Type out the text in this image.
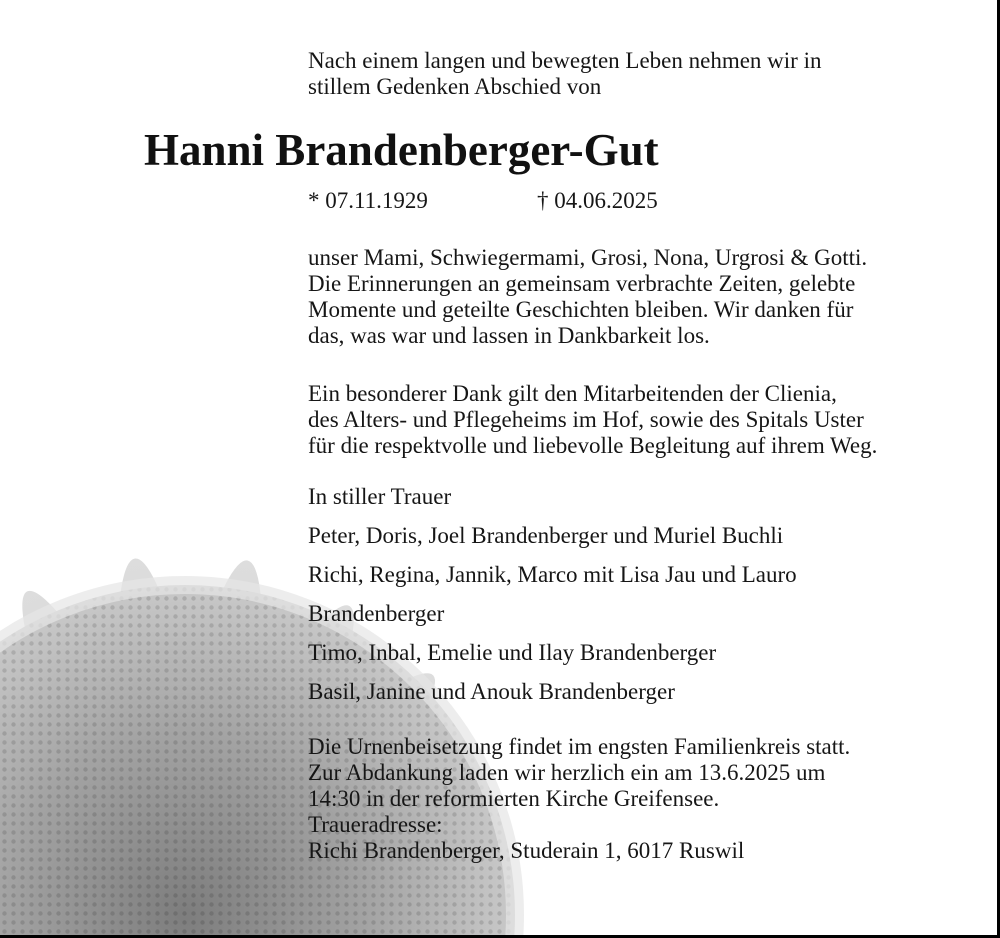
Nach einem langen und bewegten Leben nehmen wir in
stillem Gedenken Abschied von

Hanni Brandenberger-Gut
* 07.11.1929	† 04.06.2025

unser Mami, Schwiegermami, Grosi, Nona, Urgrosi & Gotti.
Die Erinnerungen an gemeinsam verbrachte Zeiten, gelebte
Momente und geteilte Geschichten bleiben. Wir danken für
das, was war und lassen in Dankbarkeit los.

Ein besonderer Dank gilt den Mitarbeitenden der Clienia,
des Alters- und Pflegeheims im Hof, sowie des Spitals Uster
für die respektvolle und liebevolle Begleitung auf ihrem Weg.

In stiller Trauer
Peter, Doris, Joel Brandenberger und Muriel Buchli
Richi, Regina, Jannik, Marco mit Lisa Jau und Lauro
Brandenberger
Timo, Inbal, Emelie und Ilay Brandenberger
Basil, Janine und Anouk Brandenberger

Die Urnenbeisetzung findet im engsten Familienkreis statt.
Zur Abdankung laden wir herzlich ein am 13.6.2025 um
14:30 in der reformierten Kirche Greifensee.
Traueradresse:
Richi Brandenberger, Studerain 1, 6017 Ruswil
